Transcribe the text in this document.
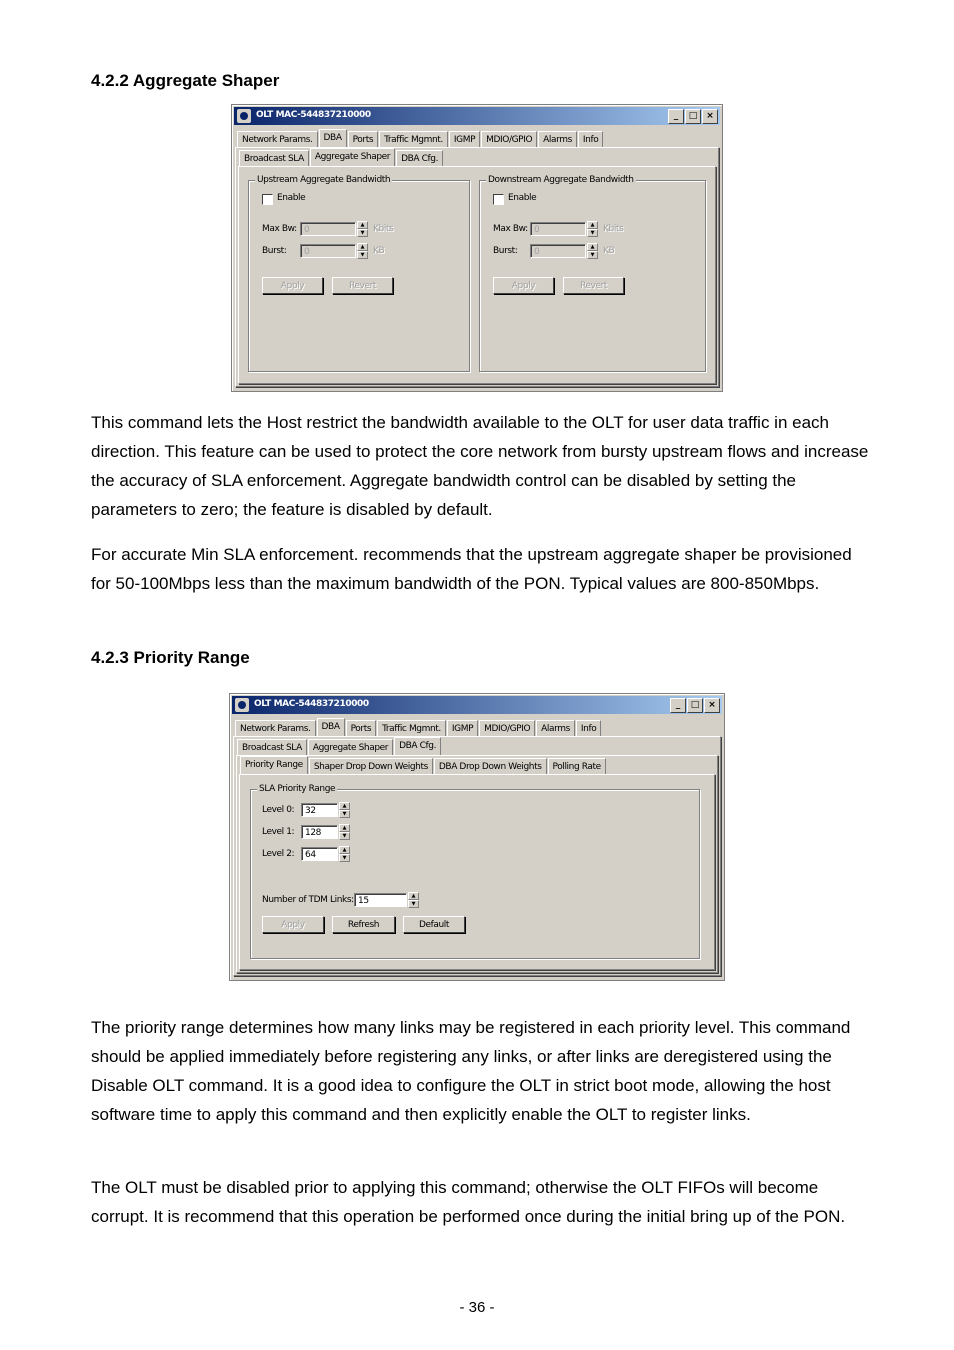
4.2.2 Aggregate Shaper
OLT MAC-544837210000	_	□ ×
Network Params.	DBA	Ports	Traffic Mgmnt.	IGMP	MDIO/GPIO	Alarms	Info
Broadcast SLA	Aggregate Shaper	DBA Cfg.
Upstream Aggregate Bandwidth
Enable
Max Bw: 0	▲
▼ Kbits
Burst:	0	▲
▼ KB
Apply	Revert
Downstream Aggregate Bandwidth
Enable
Max Bw: 0	▲
▼ Kbits
Burst:	0	▲
▼ KB
Apply	Revert
This command lets the Host restrict the bandwidth available to the OLT for user data traffic in each direction. This feature can be used to protect the core network from bursty upstream flows and increase the accuracy of SLA enforcement. Aggregate bandwidth control can be disabled by setting the parameters to zero; the feature is disabled by default.
For accurate Min SLA enforcement. recommends that the upstream aggregate shaper be provisioned for 50-100Mbps less than the maximum bandwidth of the PON. Typical values are 800-850Mbps.
4.2.3 Priority Range
OLT MAC-544837210000	_	□ ×
Network Params.	DBA	Ports	Traffic Mgmnt.	IGMP	MDIO/GPIO	Alarms	Info
Broadcast SLA	Aggregate Shaper	DBA Cfg.
Priority Range	Shaper Drop Down Weights	DBA Drop Down Weights	Polling Rate
SLA Priority Range
Level 0:	32	▲
▼
Level 1:	128	▲
▼
Level 2:	64	▲
▼
Number of TDM Links: 15	▲
▼
Apply	Refresh	Default
The priority range determines how many links may be registered in each priority level. This command should be applied immediately before registering any links, or after links are deregistered using the Disable OLT command. It is a good idea to configure the OLT in strict boot mode, allowing the host software time to apply this command and then explicitly enable the OLT to register links.
The OLT must be disabled prior to applying this command; otherwise the OLT FIFOs will become corrupt. It is recommend that this operation be performed once during the initial bring up of the PON.
- 36 -
